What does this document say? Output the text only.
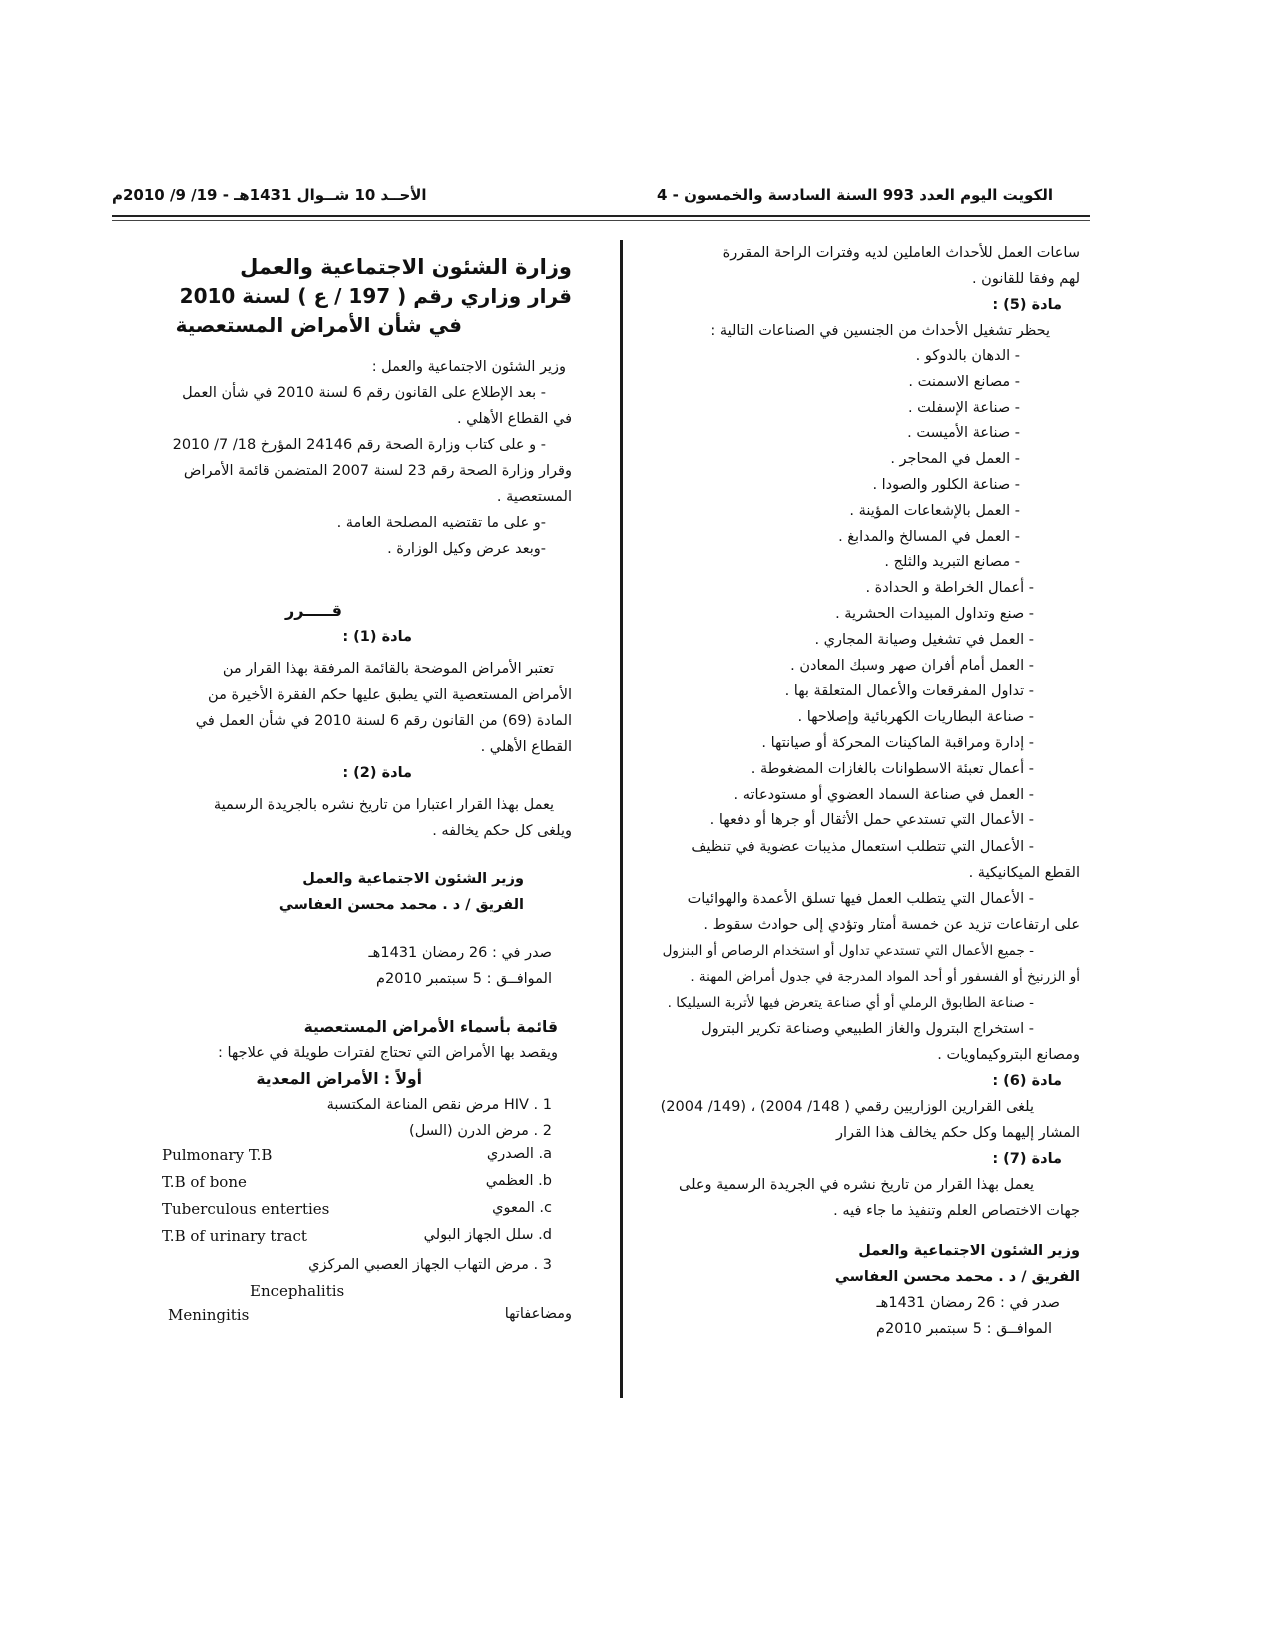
الكويت اليوم العدد 993 السنة السادسة والخمسون - 4
الأحــد 10 شــوال 1431هـ - 19/ 9/ 2010م
ساعات العمل للأحداث العاملين لديه وفترات الراحة المقررة
لهم وفقا للقانون .
مادة (5) :
يحظر تشغيل الأحداث من الجنسين في الصناعات التالية :
- الدهان بالدوكو .
- مصانع الاسمنت .
- صناعة الإسفلت .
- صناعة الأميست .
- العمل في المحاجر .
- صناعة الكلور والصودا .
- العمل بالإشعاعات المؤينة .
- العمل في المسالخ والمدابغ .
- مصانع التبريد والثلج .
- أعمال الخراطة و الحدادة .
- صنع وتداول المبيدات الحشرية .
- العمل في تشغيل وصيانة المجاري .
- العمل أمام أفران صهر وسبك المعادن .
- تداول المفرقعات والأعمال المتعلقة بها .
- صناعة البطاريات الكهربائية وإصلاحها .
- إدارة ومراقبة الماكينات المحركة أو صيانتها .
- أعمال تعبئة الاسطوانات بالغازات المضغوطة .
- العمل في صناعة السماد العضوي أو مستودعاته .
- الأعمال التي تستدعي حمل الأثقال أو جرها أو دفعها .
- الأعمال التي تتطلب استعمال مذيبات عضوية في تنظيف
القطع الميكانيكية .
- الأعمال التي يتطلب العمل فيها تسلق الأعمدة والهوائيات
على ارتفاعات تزيد عن خمسة أمتار وتؤدي إلى حوادث سقوط .
- جميع الأعمال التي تستدعي تداول أو استخدام الرصاص أو البنزول
أو الزرنيخ أو الفسفور أو أحد المواد المدرجة في جدول أمراض المهنة .
- صناعة الطابوق الرملي أو أي صناعة يتعرض فيها لأتربة السيليكا .
- استخراج البترول والغاز الطبيعي وصناعة تكرير البترول
ومصانع البتروكيماويات .
مادة (6) :
يلغى القرارين الوزاريين رقمي ( 148/ 2004) ، (149/ 2004)
المشار إليهما وكل حكم يخالف هذا القرار
مادة (7) :
يعمل بهذا القرار من تاريخ نشره في الجريدة الرسمية وعلى
جهات الاختصاص العلم وتنفيذ ما جاء فيه .
وزير الشئون الاجتماعية والعمل
الفريق / د . محمد محسن العفاسي
صدر في : 26 رمضان 1431هـ
الموافــق : 5 سبتمبر 2010م
وزارة الشئون الاجتماعية والعمل
قرار وزاري رقم ( 197 / ع ) لسنة 2010
في شأن الأمراض المستعصية
وزير الشئون الاجتماعية والعمل :
- بعد الإطلاع على القانون رقم 6 لسنة 2010 في شأن العمل
في القطاع الأهلي .
- و على كتاب وزارة الصحة رقم 24146 المؤرخ 18/ 7/ 2010
وقرار وزارة الصحة رقم 23 لسنة 2007 المتضمن قائمة الأمراض
المستعصية .
-و على ما تقتضيه المصلحة العامة .
-وبعد عرض وكيل الوزارة .
قـــــرر
مادة (1) :
تعتبر الأمراض الموضحة بالقائمة المرفقة بهذا القرار من
الأمراض المستعصية التي يطبق عليها حكم الفقرة الأخيرة من
المادة (69) من القانون رقم 6 لسنة 2010 في شأن العمل في
القطاع الأهلي .
مادة (2) :
يعمل بهذا القرار اعتبارا من تاريخ نشره بالجريدة الرسمية
ويلغى كل حكم يخالفه .
وزير الشئون الاجتماعية والعمل
الفريق / د . محمد محسن العفاسي
صدر في : 26 رمضان 1431هـ
الموافــق : 5 سبتمبر 2010م
قائمة بأسماء الأمراض المستعصية
ويقصد بها الأمراض التي تحتاج لفترات طويلة في علاجها :
أولاً : الأمراض المعدية
1 . HIV مرض نقص المناعة المكتسبة
2 . مرض الدرن (السل)
a. الصدري
Pulmonary T.B
b. العظمي
T.B of bone
c. المعوي
Tuberculous enterties
d. سلل الجهاز البولي
T.B of urinary tract
3 . مرض التهاب الجهاز العصبي المركزي
Encephalitis
ومضاعفاتها
Meningitis
